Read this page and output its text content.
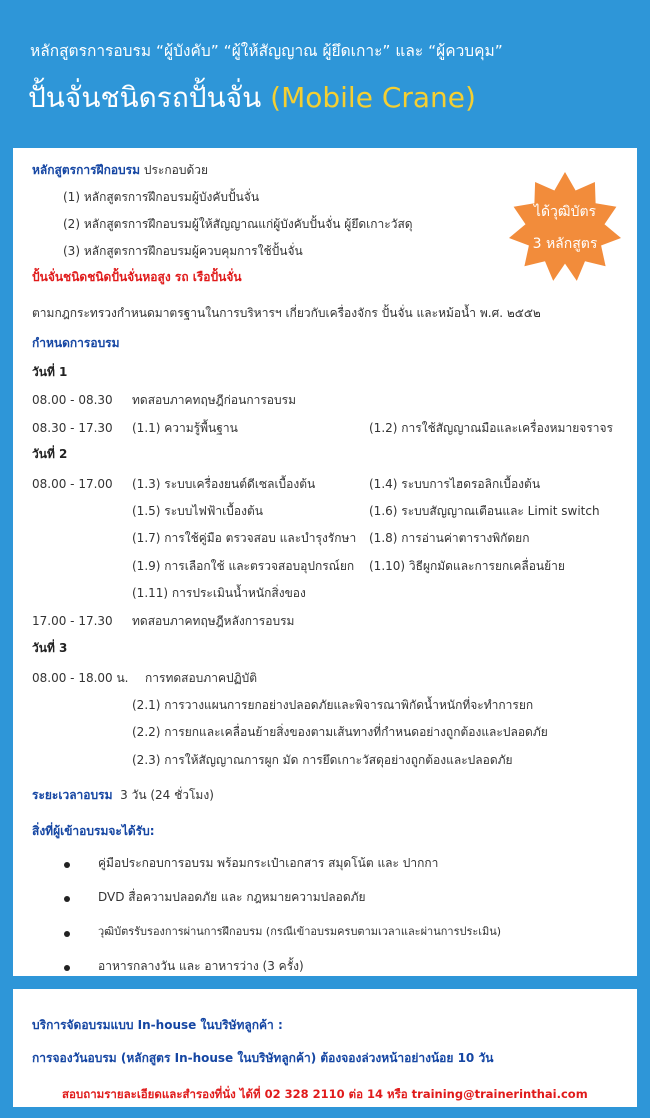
หลักสูตรการอบรม “ผู้บังคับ” “ผู้ให้สัญญาณ ผู้ยึดเกาะ” และ “ผู้ควบคุม”
ปั้นจั่นชนิดรถปั้นจั่น (Mobile Crane)
ได้วุฒิบัตร
3 หลักสูตร
หลักสูตรการฝึกอบรม ประกอบด้วย
(1) หลักสูตรการฝึกอบรมผู้บังคับปั้นจั่น
(2) หลักสูตรการฝึกอบรมผู้ให้สัญญาณแก่ผู้บังคับปั้นจั่น ผู้ยึดเกาะวัสดุ
(3) หลักสูตรการฝึกอบรมผู้ควบคุมการใช้ปั้นจั่น
ปั้นจั่นชนิดชนิดปั้นจั่นหอสูง รถ เรือปั้นจั่น
ตามกฎกระทรวงกำหนดมาตรฐานในการบริหารฯ เกี่ยวกับเครื่องจักร ปั้นจั่น และหม้อน้ำ พ.ศ. ๒๕๕๒
กำหนดการอบรม
วันที่ 1
08.00 - 08.30 ทดสอบภาคทฤษฎีก่อนการอบรม
08.30 - 17.30 (1.1) ความรู้พื้นฐาน	(1.2) การใช้สัญญาณมือและเครื่องหมายจราจร
วันที่ 2
08.00 - 17.00 (1.3) ระบบเครื่องยนต์ดีเซลเบื้องต้น	(1.4) ระบบการไฮดรอลิกเบื้องต้น
(1.5) ระบบไฟฟ้าเบื้องต้น	(1.6) ระบบสัญญาณเตือนและ Limit switch
(1.7) การใช้คู่มือ ตรวจสอบ และบำรุงรักษา (1.8) การอ่านค่าตารางพิกัดยก
(1.9) การเลือกใช้ และตรวจสอบอุปกรณ์ยก (1.10) วิธีผูกมัดและการยกเคลื่อนย้าย
(1.11) การประเมินน้ำหนักสิ่งของ
17.00 - 17.30 ทดสอบภาคทฤษฎีหลังการอบรม
วันที่ 3
08.00 - 18.00 น. การทดสอบภาคปฏิบัติ
(2.1) การวางแผนการยกอย่างปลอดภัยและพิจารณาพิกัดน้ำหนักที่จะทำการยก
(2.2) การยกและเคลื่อนย้ายสิ่งของตามเส้นทางที่กำหนดอย่างถูกต้องและปลอดภัย
(2.3) การให้สัญญาณการผูก มัด การยึดเกาะวัสดุอย่างถูกต้องและปลอดภัย
ระยะเวลาอบรม 3 วัน (24 ชั่วโมง)
สิ่งที่ผู้เข้าอบรมจะได้รับ:
คู่มือประกอบการอบรม พร้อมกระเป๋าเอกสาร สมุดโน้ต และ ปากกา
DVD สื่อความปลอดภัย และ กฎหมายความปลอดภัย
วุฒิบัตรรับรองการผ่านการฝึกอบรม (กรณีเข้าอบรมครบตามเวลาและผ่านการประเมิน)
อาหารกลางวัน และ อาหารว่าง (3 ครั้ง)
บริการจัดอบรมแบบ In-house ในบริษัทลูกค้า :
การจองวันอบรม (หลักสูตร In-house ในบริษัทลูกค้า) ต้องจองล่วงหน้าอย่างน้อย 10 วัน
สอบถามรายละเอียดและสำรองที่นั่ง ได้ที่ 02 328 2110 ต่อ 14 หรือ training@trainerinthai.com
